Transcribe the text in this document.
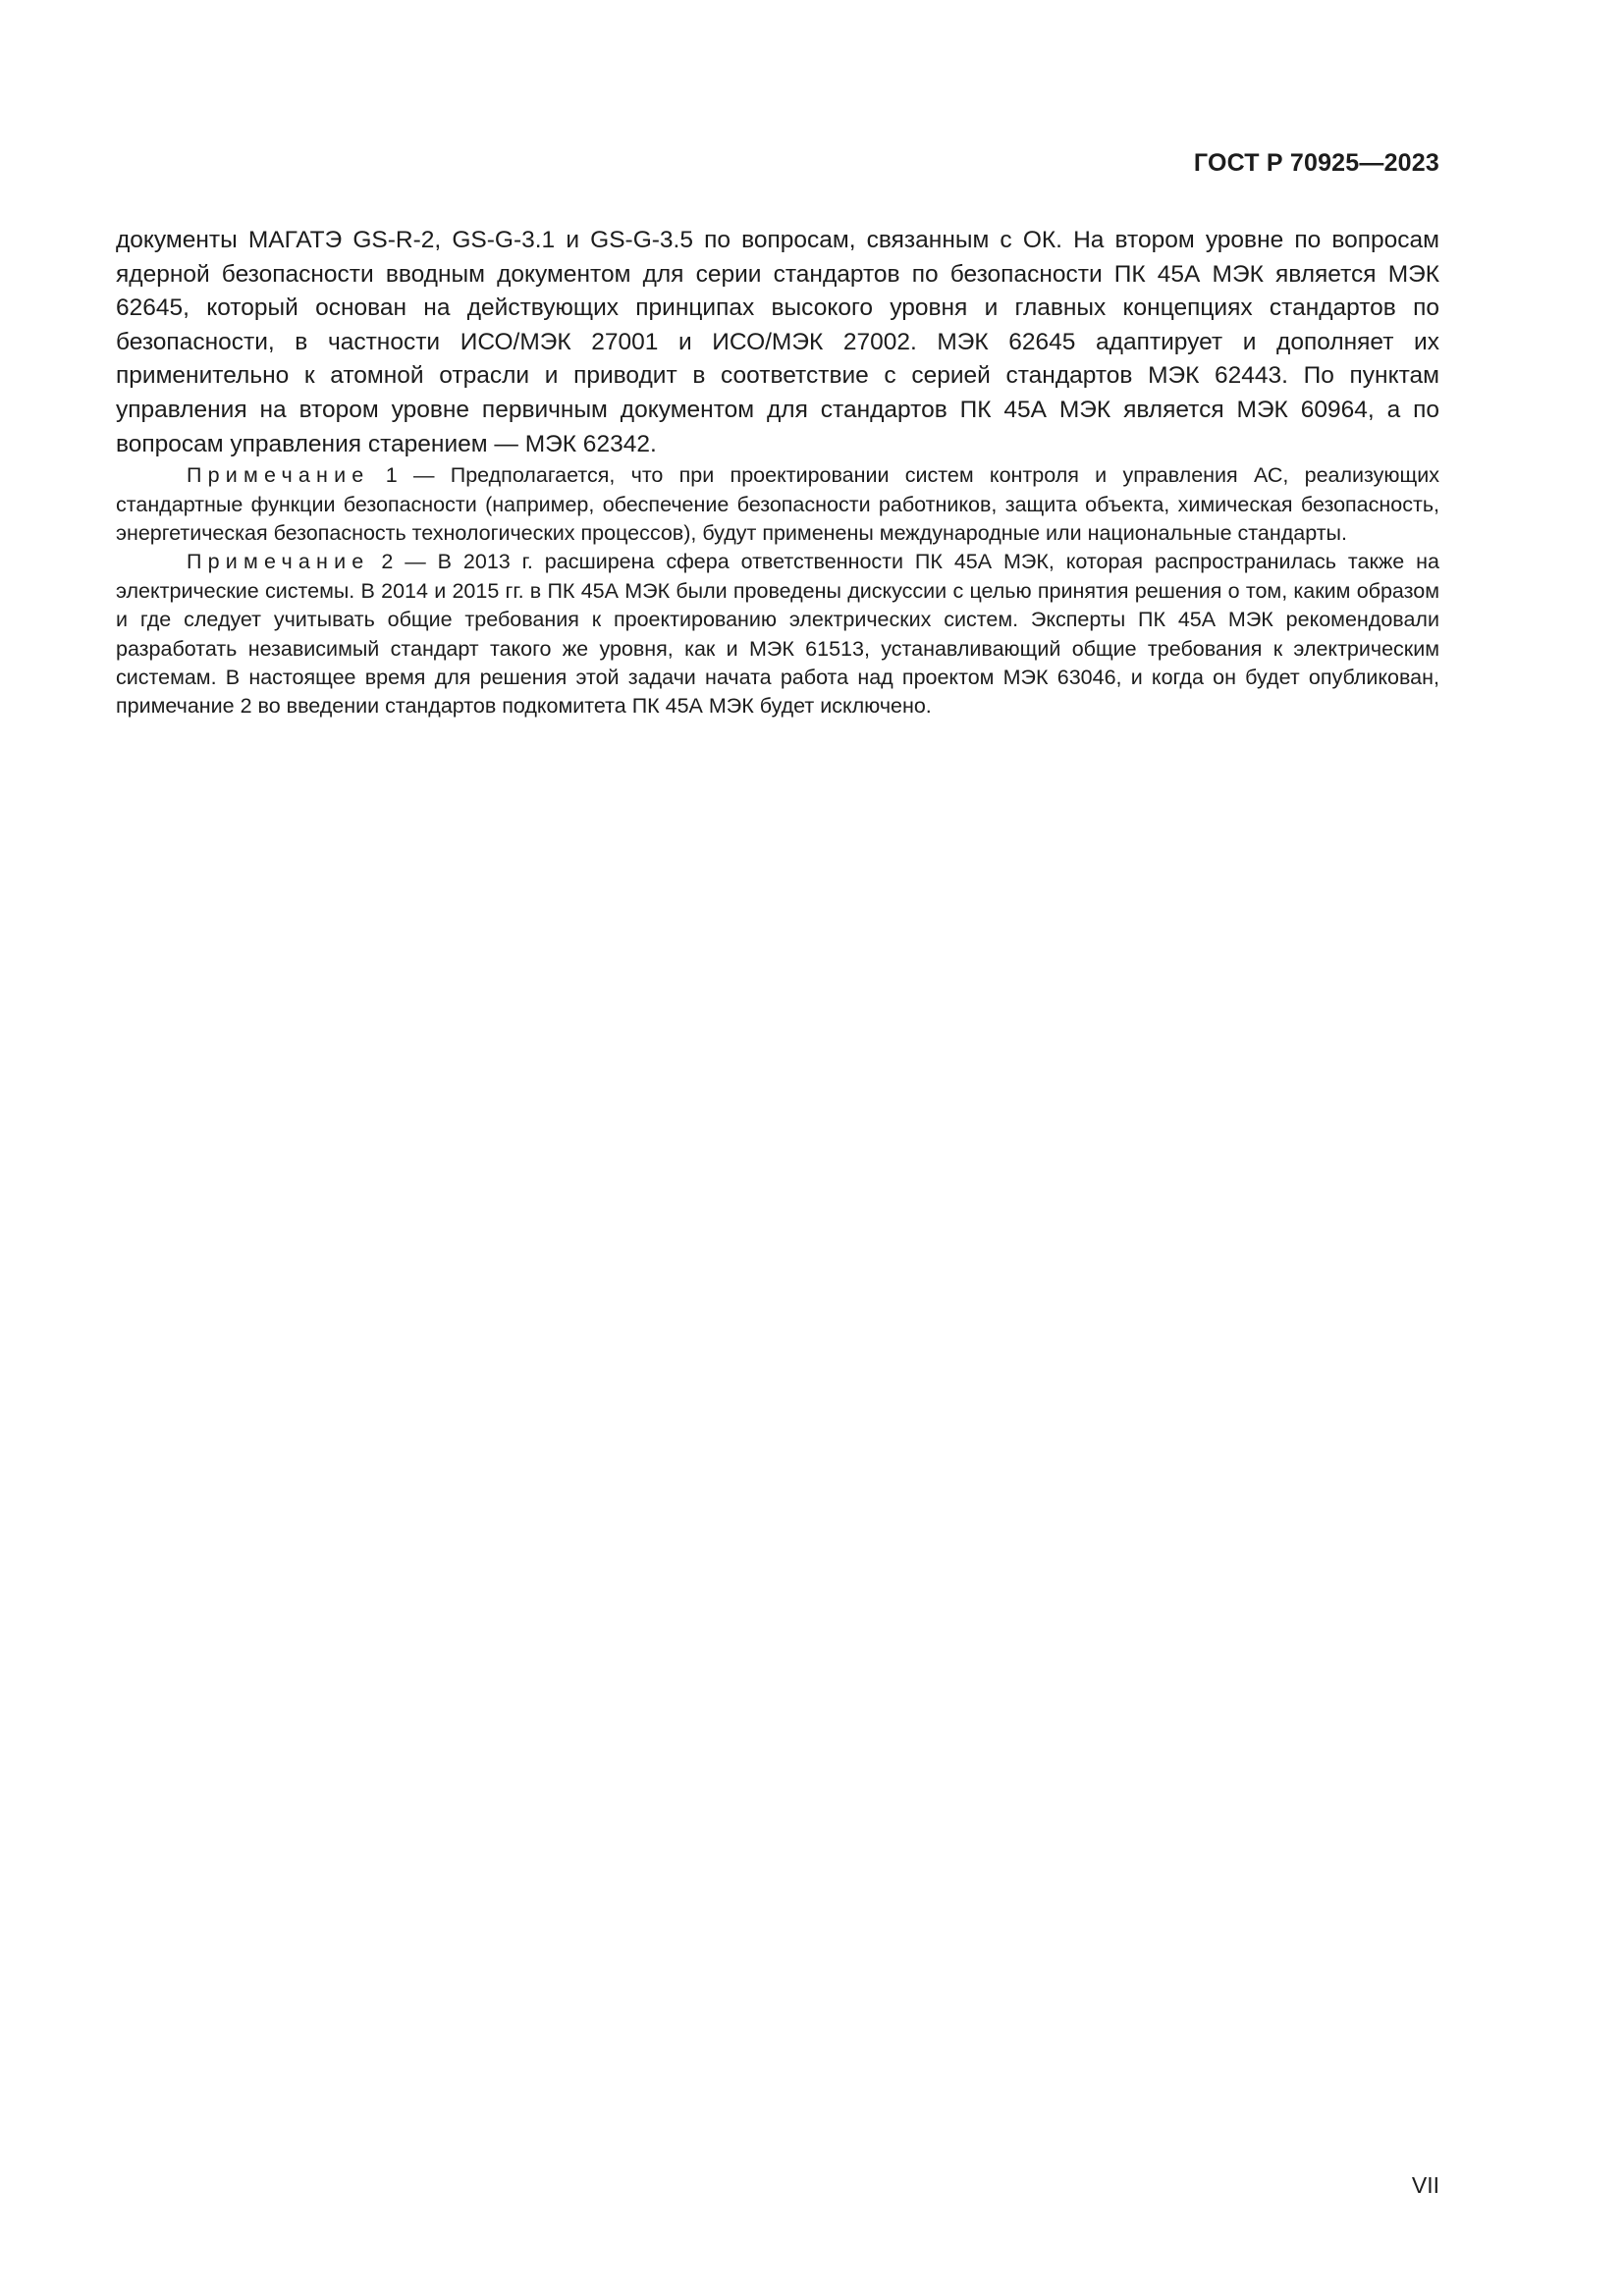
ГОСТ Р 70925—2023

документы МАГАТЭ GS-R-2, GS-G-3.1 и GS-G-3.5 по вопросам, связанным с ОК. На втором уровне по вопросам ядерной безопасности вводным документом для серии стандартов по безопасности ПК 45А МЭК является МЭК 62645, который основан на действующих принципах высокого уровня и главных концепциях стандартов по безопасности, в частности ИСО/МЭК 27001 и ИСО/МЭК 27002. МЭК 62645 адаптирует и дополняет их применительно к атомной отрасли и приводит в соответствие с серией стандартов МЭК 62443. По пунктам управления на втором уровне первичным документом для стандартов ПК 45А МЭК является МЭК 60964, а по вопросам управления старением — МЭК 62342.

Примечание 1 — Предполагается, что при проектировании систем контроля и управления АС, реализующих стандартные функции безопасности (например, обеспечение безопасности работников, защита объекта, химическая безопасность, энергетическая безопасность технологических процессов), будут применены международные или национальные стандарты.

Примечание 2 — В 2013 г. расширена сфера ответственности ПК 45А МЭК, которая распространилась также на электрические системы. В 2014 и 2015 гг. в ПК 45А МЭК были проведены дискуссии с целью принятия решения о том, каким образом и где следует учитывать общие требования к проектированию электрических систем. Эксперты ПК 45А МЭК рекомендовали разработать независимый стандарт такого же уровня, как и МЭК 61513, устанавливающий общие требования к электрическим системам. В настоящее время для решения этой задачи начата работа над проектом МЭК 63046, и когда он будет опубликован, примечание 2 во введении стандартов подкомитета ПК 45А МЭК будет исключено.

VII
